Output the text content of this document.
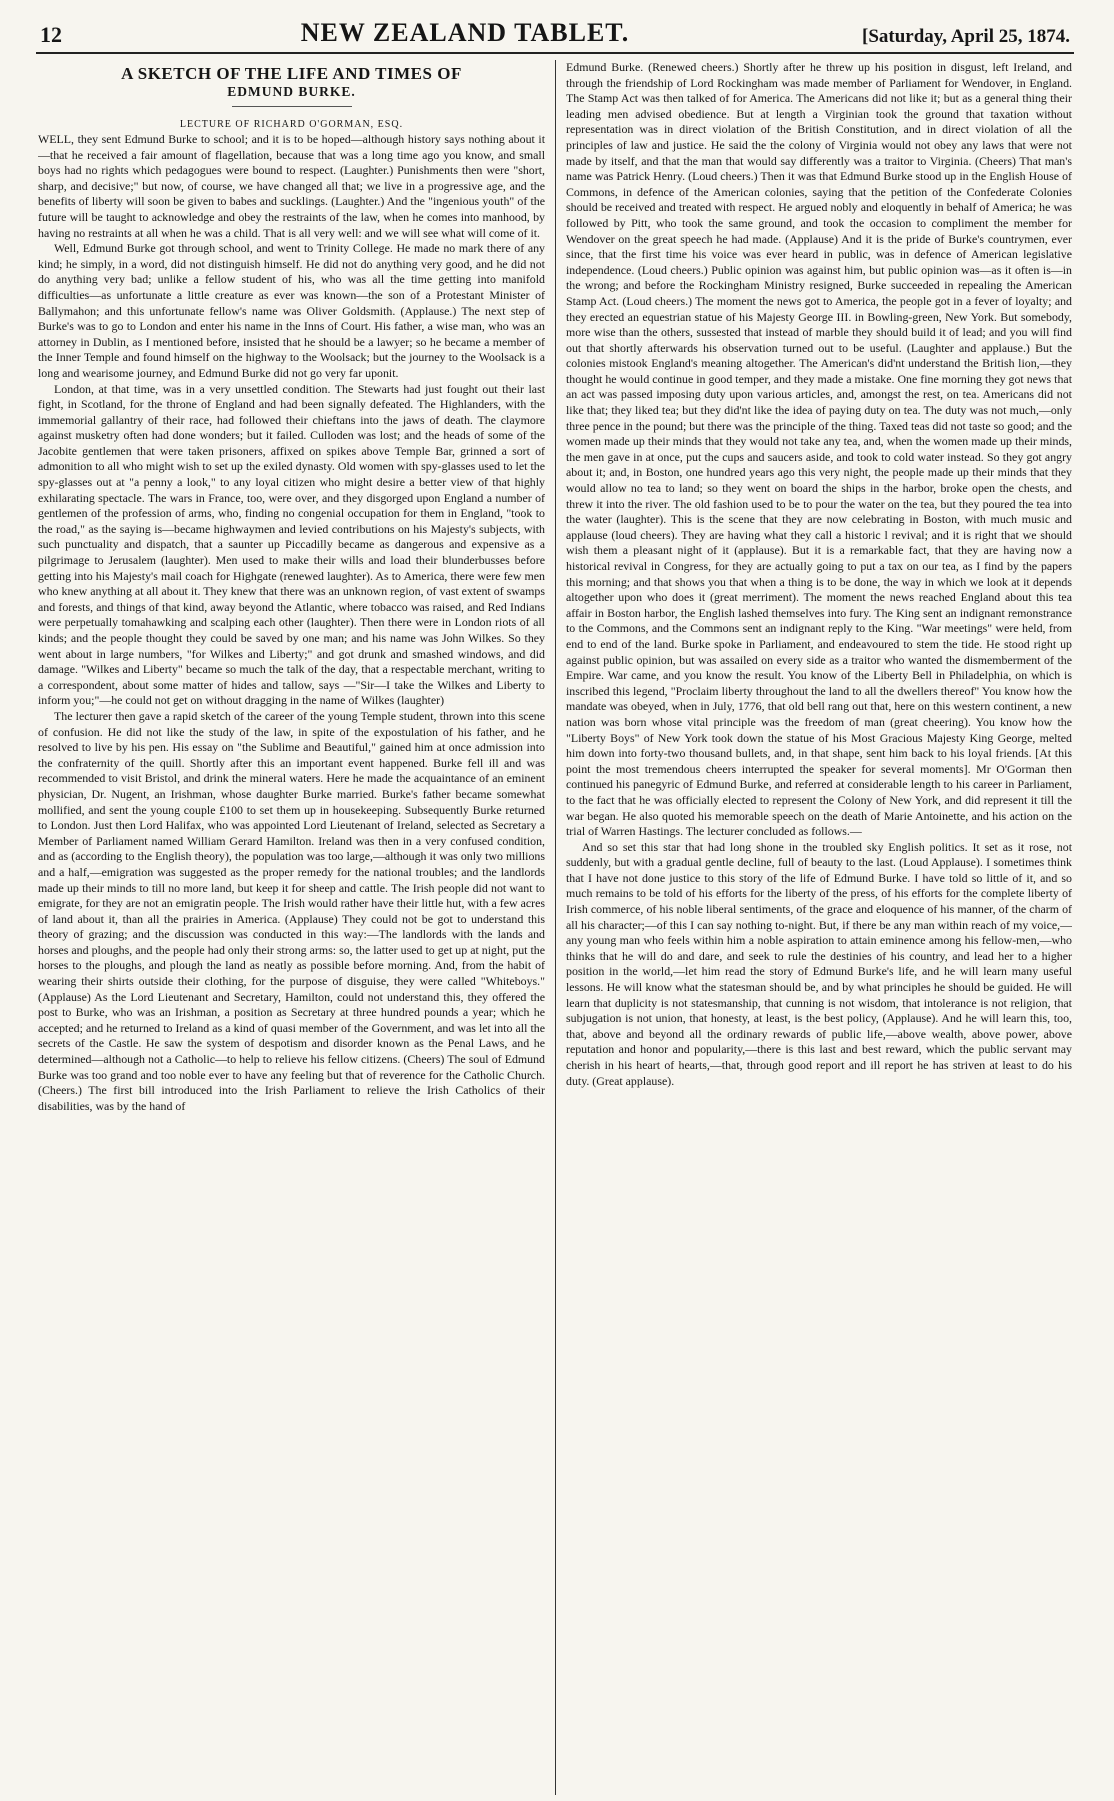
12	NEW ZEALAND TABLET.	[Saturday, April 25, 1874.
A SKETCH OF THE LIFE AND TIMES OF
EDMUND BURKE.
LECTURE OF RICHARD O'GORMAN, ESQ.

WELL, they sent Edmund Burke to school; and it is to be hoped—although history says nothing about it—that he received a fair amount of flagellation, because that was a long time ago you know, and small boys had no rights which pedagogues were bound to respect. (Laughter.) Punishments then were "short, sharp, and decisive;" but now, of course, we have changed all that; we live in a progressive age, and the benefits of liberty will soon be given to babes and sucklings. (Laughter.) And the "ingenious youth" of the future will be taught to acknowledge and obey the restraints of the law, when he comes into manhood, by having no restraints at all when he was a child. That is all very well: and we will see what will come of it.

Well, Edmund Burke got through school, and went to Trinity College. He made no mark there of any kind; he simply, in a word, did not distinguish himself. He did not do anything very good, and he did not do anything very bad; unlike a fellow student of his, who was all the time getting into manifold difficulties—as unfortunate a little creature as ever was known—the son of a Protestant Minister of Ballymahon; and this unfortunate fellow's name was Oliver Goldsmith. (Applause.) The next step of Burke's was to go to London and enter his name in the Inns of Court. His father, a wise man, who was an attorney in Dublin, as I mentioned before, insisted that he should be a lawyer; so he became a member of the Inner Temple and found himself on the highway to the Woolsack; but the journey to the Woolsack is a long and wearisome journey, and Edmund Burke did not go very far uponit.

London, at that time, was in a very unsettled condition. The Stewarts had just fought out their last fight, in Scotland, for the throne of England and had been signally defeated. The Highlanders, with the immemorial gallantry of their race, had followed their chieftans into the jaws of death. The claymore against musketry often had done wonders; but it failed. Culloden was lost; and the heads of some of the Jacobite gentlemen that were taken prisoners, affixed on spikes above Temple Bar, grinned a sort of admonition to all who might wish to set up the exiled dynasty. Old women with spy-glasses used to let the spy-glasses out at "a penny a look," to any loyal citizen who might desire a better view of that highly exhilarating spectacle. The wars in France, too, were over, and they disgorged upon England a number of gentlemen of the profession of arms, who, finding no congenial occupation for them in England, "took to the road," as the saying is—became highwaymen and levied contributions on his Majesty's subjects, with such punctuality and dispatch, that a saunter up Piccadilly became as dangerous and expensive as a pilgrimage to Jerusalem (laughter). Men used to make their wills and load their blunderbusses before getting into his Majesty's mail coach for Highgate (renewed laughter). As to America, there were few men who knew anything at all about it. They knew that there was an unknown region, of vast extent of swamps and forests, and things of that kind, away beyond the Atlantic, where tobacco was raised, and Red Indians were perpetually tomahawking and scalping each other (laughter). Then there were in London riots of all kinds; and the people thought they could be saved by one man; and his name was John Wilkes. So they went about in large numbers, "for Wilkes and Liberty;" and got drunk and smashed windows, and did damage. "Wilkes and Liberty" became so much the talk of the day, that a respectable merchant, writing to a correspondent, about some matter of hides and tallow, says —"Sir—I take the Wilkes and Liberty to inform you;"—he could not get on without dragging in the name of Wilkes (laughter)

The lecturer then gave a rapid sketch of the career of the young Temple student, thrown into this scene of confusion. He did not like the study of the law, in spite of the expostulation of his father, and he resolved to live by his pen. His essay on "the Sublime and Beautiful," gained him at once admission into the confraternity of the quill. Shortly after this an important event happened. Burke fell ill and was recommended to visit Bristol, and drink the mineral waters. Here he made the acquaintance of an eminent physician, Dr. Nugent, an Irishman, whose daughter Burke married. Burke's father became somewhat mollified, and sent the young couple £100 to set them up in housekeeping. Subsequently Burke returned to London. Just then Lord Halifax, who was appointed Lord Lieutenant of Ireland, selected as Secretary a Member of Parliament named William Gerard Hamilton. Ireland was then in a very confused condition, and as (according to the English theory), the population was too large,—although it was only two millions and a half,—emigration was suggested as the proper remedy for the national troubles; and the landlords made up their minds to till no more land, but keep it for sheep and cattle. The Irish people did not want to emigrate, for they are not an emigratin people. The Irish would rather have their little hut, with a few acres of land about it, than all the prairies in America. (Applause) They could not be got to understand this theory of grazing; and the discussion was conducted in this way:—The landlords with the lands and horses and ploughs, and the people had only their strong arms: so, the latter used to get up at night, put the horses to the ploughs, and plough the land as neatly as possible before morning. And, from the habit of wearing their shirts outside their clothing, for the purpose of disguise, they were called "Whiteboys." (Applause) As the Lord Lieutenant and Secretary, Hamilton, could not understand this, they offered the post to Burke, who was an Irishman, a position as Secretary at three hundred pounds a year; which he accepted; and he returned to Ireland as a kind of quasi member of the Government, and was let into all the secrets of the Castle. He saw the system of despotism and disorder known as the Penal Laws, and he determined—although not a Catholic—to help to relieve his fellow citizens. (Cheers) The soul of Edmund Burke was too grand and too noble ever to have any feeling but that of reverence for the Catholic Church. (Cheers.) The first bill introduced into the Irish Parliament to relieve the Irish Catholics of their disabilities, was by the hand of

Edmund Burke. (Renewed cheers.) Shortly after he threw up his position in disgust, left Ireland, and through the friendship of Lord Rockingham was made member of Parliament for Wendover, in England. The Stamp Act was then talked of for America. The Americans did not like it; but as a general thing their leading men advised obedience. But at length a Virginian took the ground that taxation without representation was in direct violation of the British Constitution, and in direct violation of all the principles of law and justice. He said the the colony of Virginia would not obey any laws that were not made by itself, and that the man that would say differently was a traitor to Virginia. (Cheers) That man's name was Patrick Henry. (Loud cheers.) Then it was that Edmund Burke stood up in the English House of Commons, in defence of the American colonies, saying that the petition of the Confederate Colonies should be received and treated with respect. He argued nobly and eloquently in behalf of America; he was followed by Pitt, who took the same ground, and took the occasion to compliment the member for Wendover on the great speech he had made. (Applause) And it is the pride of Burke's countrymen, ever since, that the first time his voice was ever heard in public, was in defence of American legislative independence. (Loud cheers.) Public opinion was against him, but public opinion was—as it often is—in the wrong; and before the Rockingham Ministry resigned, Burke succeeded in repealing the American Stamp Act. (Loud cheers.) The moment the news got to America, the people got in a fever of loyalty; and they erected an equestrian statue of his Majesty George III. in Bowling-green, New York. But somebody, more wise than the others, sussested that instead of marble they should build it of lead; and you will find out that shortly afterwards his observation turned out to be useful. (Laughter and applause.) But the colonies mistook England's meaning altogether. The American's did'nt understand the British lion,—they thought he would continue in good temper, and they made a mistake. One fine morning they got news that an act was passed imposing duty upon various articles, and, amongst the rest, on tea. Americans did not like that; they liked tea; but they did'nt like the idea of paying duty on tea. The duty was not much,—only three pence in the pound; but there was the principle of the thing. Taxed teas did not taste so good; and the women made up their minds that they would not take any tea, and, when the women made up their minds, the men gave in at once, put the cups and saucers aside, and took to cold water instead. So they got angry about it; and, in Boston, one hundred years ago this very night, the people made up their minds that they would allow no tea to land; so they went on board the ships in the harbor, broke open the chests, and threw it into the river. The old fashion used to be to pour the water on the tea, but they poured the tea into the water (laughter). This is the scene that they are now celebrating in Boston, with much music and applause (loud cheers). They are having what they call a historic l revival; and it is right that we should wish them a pleasant night of it (applause). But it is a remarkable fact, that they are having now a historical revival in Congress, for they are actually going to put a tax on our tea, as I find by the papers this morning; and that shows you that when a thing is to be done, the way in which we look at it depends altogether upon who does it (great merriment). The moment the news reached England about this tea affair in Boston harbor, the English lashed themselves into fury. The King sent an indignant remonstrance to the Commons, and the Commons sent an indignant reply to the King. "War meetings" were held, from end to end of the land. Burke spoke in Parliament, and endeavoured to stem the tide. He stood right up against public opinion, but was assailed on every side as a traitor who wanted the dismemberment of the Empire. War came, and you know the result. You know of the Liberty Bell in Philadelphia, on which is inscribed this legend, "Proclaim liberty throughout the land to all the dwellers thereof" You know how the mandate was obeyed, when in July, 1776, that old bell rang out that, here on this western continent, a new nation was born whose vital principle was the freedom of man (great cheering). You know how the "Liberty Boys" of New York took down the statue of his Most Gracious Majesty King George, melted him down into forty-two thousand bullets, and, in that shape, sent him back to his loyal friends. [At this point the most tremendous cheers interrupted the speaker for several moments]. Mr O'Gorman then continued his panegyric of Edmund Burke, and referred at considerable length to his career in Parliament, to the fact that he was officially elected to represent the Colony of New York, and did represent it till the war began. He also quoted his memorable speech on the death of Marie Antoinette, and his action on the trial of Warren Hastings. The lecturer concluded as follows.—

And so set this star that had long shone in the troubled sky English politics. It set as it rose, not suddenly, but with a gradual gentle decline, full of beauty to the last. (Loud Applause). I sometimes think that I have not done justice to this story of the life of Edmund Burke. I have told so little of it, and so much remains to be told of his efforts for the liberty of the press, of his efforts for the complete liberty of Irish commerce, of his noble liberal sentiments, of the grace and eloquence of his manner, of the charm of all his character;—of this I can say nothing to-night. But, if there be any man within reach of my voice,—any young man who feels within him a noble aspiration to attain eminence among his fellow-men,—who thinks that he will do and dare, and seek to rule the destinies of his country, and lead her to a higher position in the world,—let him read the story of Edmund Burke's life, and he will learn many useful lessons. He will know what the statesman should be, and by what principles he should be guided. He will learn that duplicity is not statesmanship, that cunning is not wisdom, that intolerance is not religion, that subjugation is not union, that honesty, at least, is the best policy, (Applause). And he will learn this, too, that, above and beyond all the ordinary rewards of public life,—above wealth, above power, above reputation and honor and popularity,—there is this last and best reward, which the public servant may cherish in his heart of hearts,—that, through good report and ill report he has striven at least to do his duty. (Great applause).
